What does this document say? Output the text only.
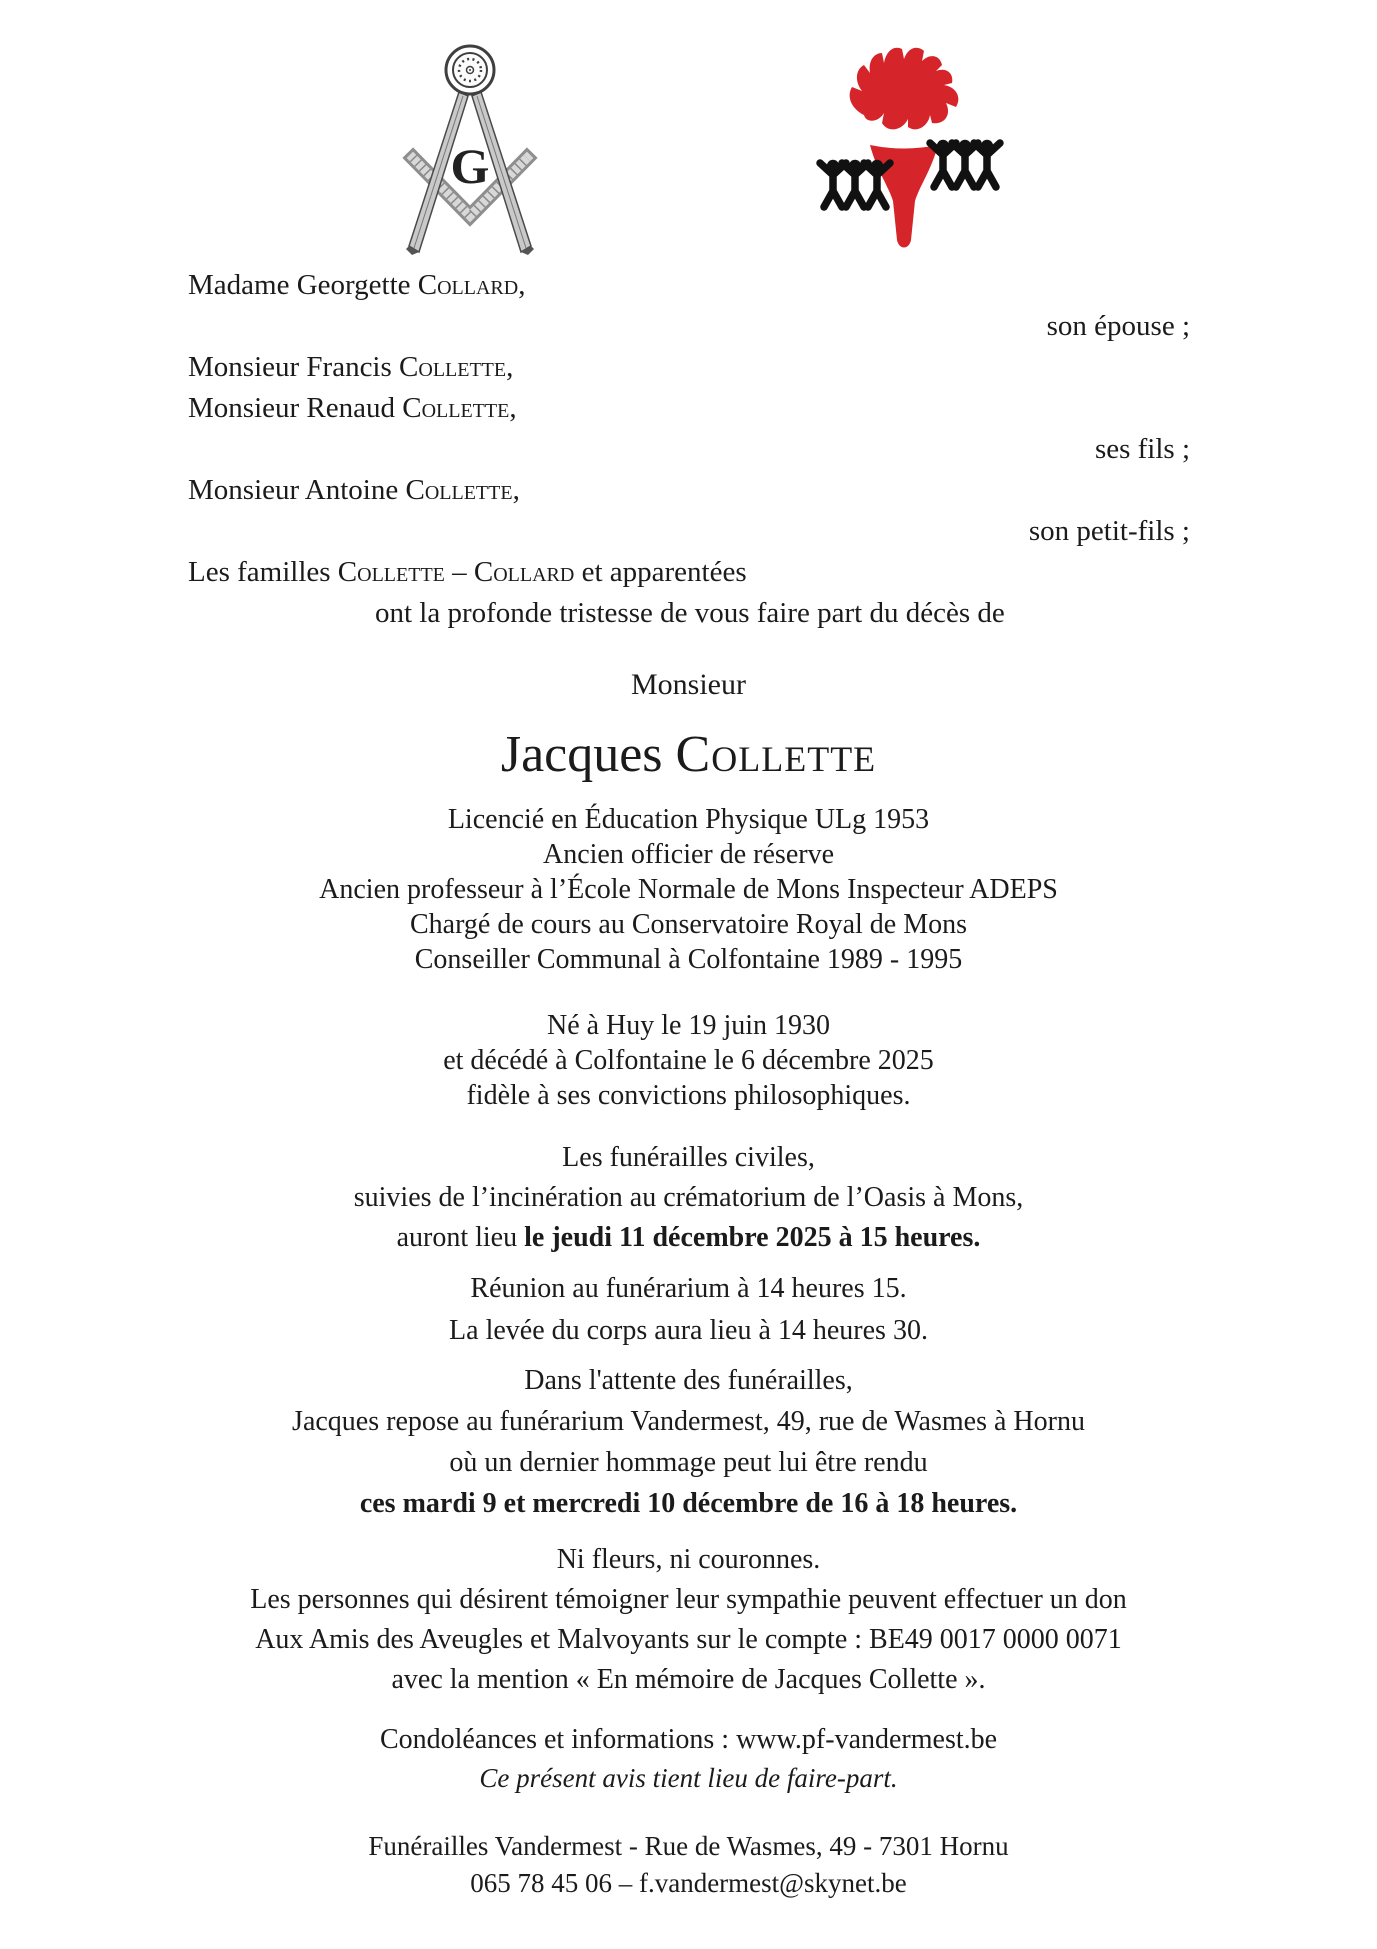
G
Madame Georgette Collard,
son épouse ;
Monsieur Francis Collette,
Monsieur Renaud Collette,
ses fils ;
Monsieur Antoine Collette,
son petit-fils ;
Les familles Collette – Collard et apparentées
ont la profonde tristesse de vous faire part du décès de
Monsieur
Jacques Collette
Licencié en Éducation Physique ULg 1953
Ancien officier de réserve
Ancien professeur à l’École Normale de Mons Inspecteur ADEPS
Chargé de cours au Conservatoire Royal de Mons
Conseiller Communal à Colfontaine 1989 - 1995
Né à Huy le 19 juin 1930
et décédé à Colfontaine le 6 décembre 2025
fidèle à ses convictions philosophiques.
Les funérailles civiles,
suivies de l’incinération au crématorium de l’Oasis à Mons,
auront lieu le jeudi 11 décembre 2025 à 15 heures.
Réunion au funérarium à 14 heures 15.
La levée du corps aura lieu à 14 heures 30.
Dans l'attente des funérailles,
Jacques repose au funérarium Vandermest, 49, rue de Wasmes à Hornu
où un dernier hommage peut lui être rendu
ces mardi 9 et mercredi 10 décembre de 16 à 18 heures.
Ni fleurs, ni couronnes.
Les personnes qui désirent témoigner leur sympathie peuvent effectuer un don
Aux Amis des Aveugles et Malvoyants sur le compte : BE49 0017 0000 0071
avec la mention « En mémoire de Jacques Collette ».
Condoléances et informations : www.pf-vandermest.be
Ce présent avis tient lieu de faire-part.
Funérailles Vandermest - Rue de Wasmes, 49 - 7301 Hornu
065 78 45 06 – f.vandermest@skynet.be
